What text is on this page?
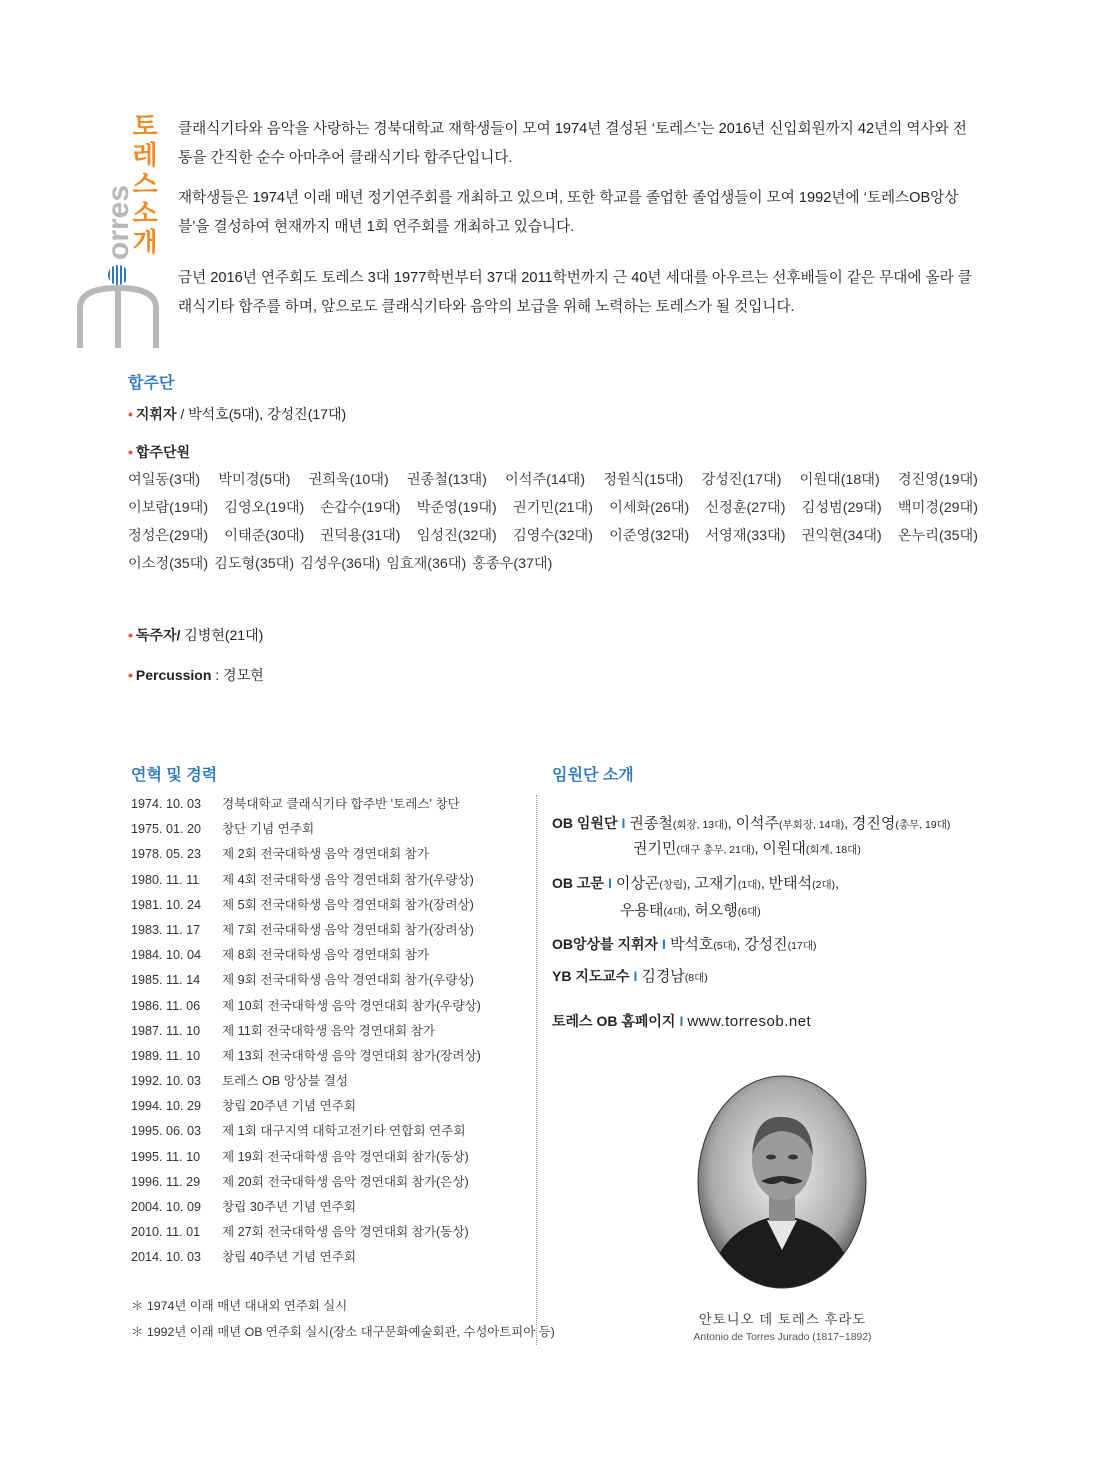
orres
토
레
스
소
개

클래식기타와 음악을 사랑하는 경북대학교 재학생들이 모여 1974년 결성된 ‘토레스’는 2016년 신입회원까지 42년의 역사와 전통을 간직한 순수 아마추어 클래식기타 합주단입니다.

재학생들은 1974년 이래 매년 정기연주회를 개최하고 있으며, 또한 학교를 졸업한 졸업생들이 모여 1992년에 ‘토레스OB앙상블’을 결성하여 현재까지 매년 1회 연주회를 개최하고 있습니다.

금년 2016년 연주회도 토레스 3대 1977학번부터 37대 2011학번까지 근 40년 세대를 아우르는 선후배들이 같은 무대에 올라 클래식기타 합주를 하며, 앞으로도 클래식기타와 음악의 보급을 위해 노력하는 토레스가 될 것입니다.

합주단
• 지휘자 / 박석호(5대), 강성진(17대)
• 합주단원
여일동(3대) 박미경(5대) 권희욱(10대) 권종철(13대) 이석주(14대) 정원식(15대) 강성진(17대) 이원대(18대) 경진영(19대)
이보람(19대) 김영오(19대) 손갑수(19대) 박준영(19대) 권기민(21대) 이세화(26대) 신정훈(27대) 김성범(29대) 백미경(29대)
정성은(29대) 이태준(30대) 권덕용(31대) 임성진(32대) 김영수(32대) 이준영(32대) 서영재(33대) 권익현(34대) 온누리(35대)
이소정(35대) 김도형(35대) 김성우(36대) 임효재(36대) 홍종우(37대)
• 독주자/ 김병현(21대)
• Percussion : 경모현
연혁 및 경력
1974. 10. 03	경북대학교 클래식기타 합주반 '토레스' 창단
1975. 01. 20	창단 기념 연주회
1978. 05. 23	제 2회 전국대학생 음악 경연대회 참가
1980. 11. 11	제 4회 전국대학생 음악 경연대회 참가(우량상)
1981. 10. 24	제 5회 전국대학생 음악 경연대회 참가(장려상)
1983. 11. 17	제 7회 전국대학생 음악 경연대회 참가(장려상)
1984. 10. 04	제 8회 전국대학생 음악 경연대회 참가
1985. 11. 14	제 9회 전국대학생 음악 경연대회 참가(우량상)
1986. 11. 06	제 10회 전국대학생 음악 경연대회 참가(우량상)
1987. 11. 10	제 11회 전국대학생 음악 경연대회 참가
1989. 11. 10	제 13회 전국대학생 음악 경연대회 참가(장려상)
1992. 10. 03	토레스 OB 앙상블 결성
1994. 10. 29	창립 20주년 기념 연주회
1995. 06. 03	제 1회 대구지역 대학고전기타 연합회 연주회
1995. 11. 10	제 19회 전국대학생 음악 경연대회 참가(동상)
1996. 11. 29	제 20회 전국대학생 음악 경연대회 참가(은상)
2004. 10. 09	창립 30주년 기념 연주회
2010. 11. 01	제 27회 전국대학생 음악 경연대회 참가(동상)
2014. 10. 03	창립 40주년 기념 연주회
＊ 1974년 이래 매년 대내외 연주회 실시
＊ 1992년 이래 매년 OB 연주회 실시(장소 대구문화예술회관, 수성아트피아 등)
임원단 소개
OB 임원단 I 권종철(회장, 13대), 이석주(부회장, 14대), 경진영(총무, 19대)
권기민(대구 총무, 21대), 이원대(회계, 18대)
OB 고문 I 이상곤(창립), 고재기(1대), 반태석(2대),
우용태(4대), 허오행(6대)
OB앙상블 지휘자 I 박석호(5대), 강성진(17대)
YB 지도교수 I 김경남(8대)
토레스 OB 홈페이지 I www.torresob.net
안토니오 데 토레스 후라도
Antonio de Torres Jurado (1817~1892)
